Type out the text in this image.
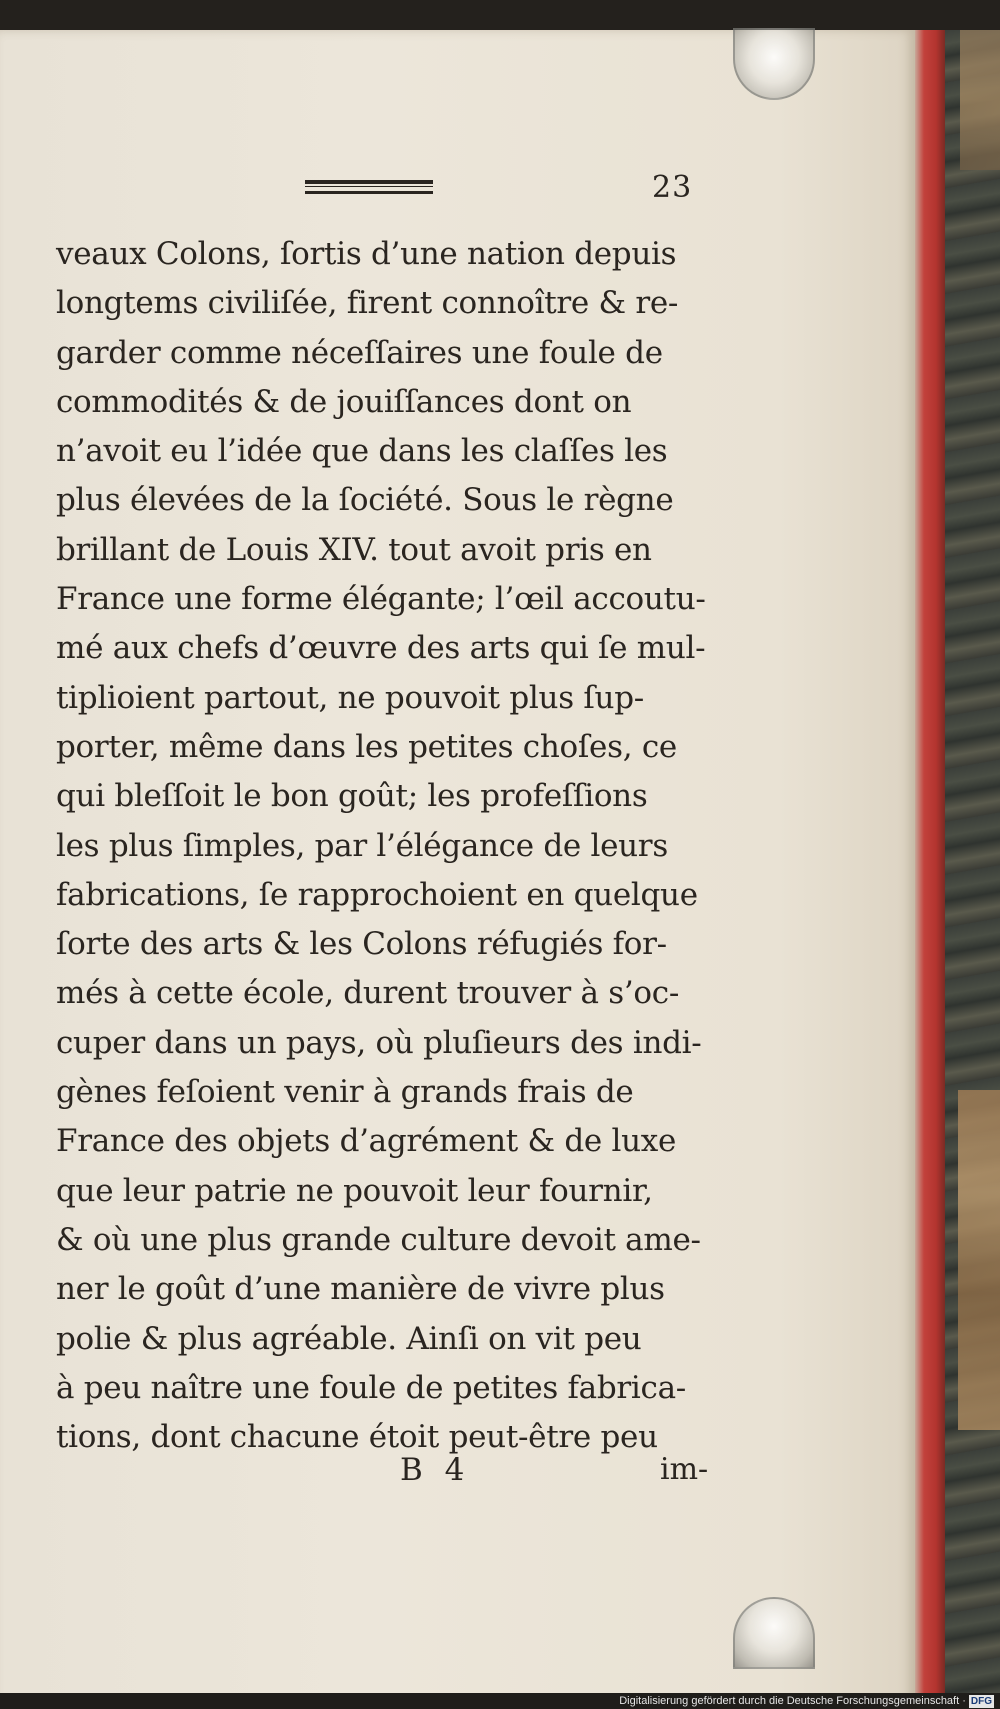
23
veaux Colons, ſortis d’une nation depuis
longtems civiliſée, firent connoître & re-
garder comme néceſſaires une foule de
commodités & de jouiſſances dont on
n’avoit eu l’idée que dans les claſſes les
plus élevées de la ſociété. Sous le règne
brillant de Louis XIV. tout avoit pris en
France une forme élégante; l’œil accoutu-
mé aux chefs d’œuvre des arts qui ſe mul-
tiplioient partout, ne pouvoit plus ſup-
porter, même dans les petites choſes, ce
qui bleſſoit le bon goût; les profeſſions
les plus ſimples, par l’élégance de leurs
fabrications, ſe rapprochoient en quelque
ſorte des arts & les Colons réfugiés for-
més à cette école, durent trouver à s’oc-
cuper dans un pays, où pluſieurs des indi-
gènes feſoient venir à grands frais de
France des objets d’agrément & de luxe
que leur patrie ne pouvoit leur fournir,
& où une plus grande culture devoit ame-
ner le goût d’une manière de vivre plus
polie & plus agréable. Ainſi on vit peu
à peu naître une foule de petites fabrica-
tions, dont chacune étoit peut-être peu
B 4	im-
Digitalisierung gefördert durch die Deutsche Forschungsgemeinschaft · DFG
